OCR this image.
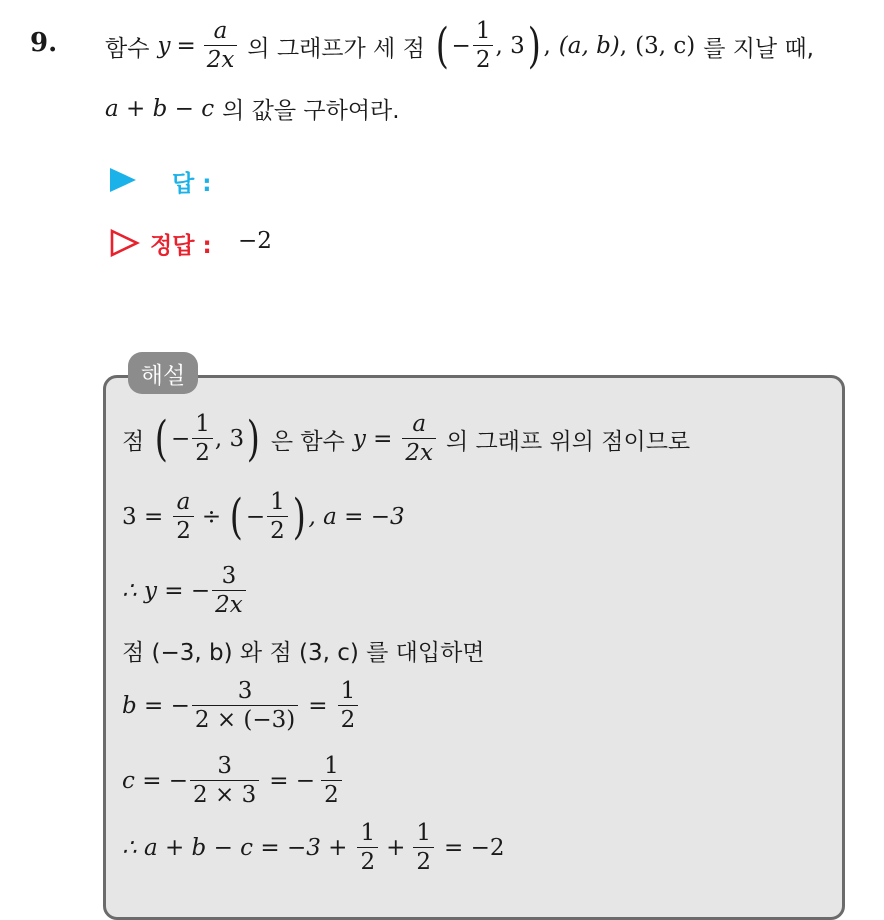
9. 함수 $y = \frac{a}{2x}$ 의 그래프가 세 점 ( − $\frac{1}{2}$ , 3 ) , (a, b) , (3, c) 를 지날 때,
a + b − c 의 값을 구하여라.
답 :
정답 : −2
해설
점 ( − $\frac{1}{2}$ , 3 ) 은 함수 $y = \frac{a}{2x}$ 의 그래프 위의 점이므로
$3 = \frac{a}{2}$ ÷ ( − $\frac{1}{2}$ ) , a = −3
∴ y = − $\frac{3}{2x}$
점 (−3, b) 와 점 (3, c) 를 대입하면
b = − $\frac{3}{2 \times (-3)} = \frac{1}{2}$
c = − $\frac{3}{2 \times 3}$ = − $\frac{1}{2}$
∴ $a + b - c = -3 + \frac{1}{2} + \frac{1}{2} = -2$
